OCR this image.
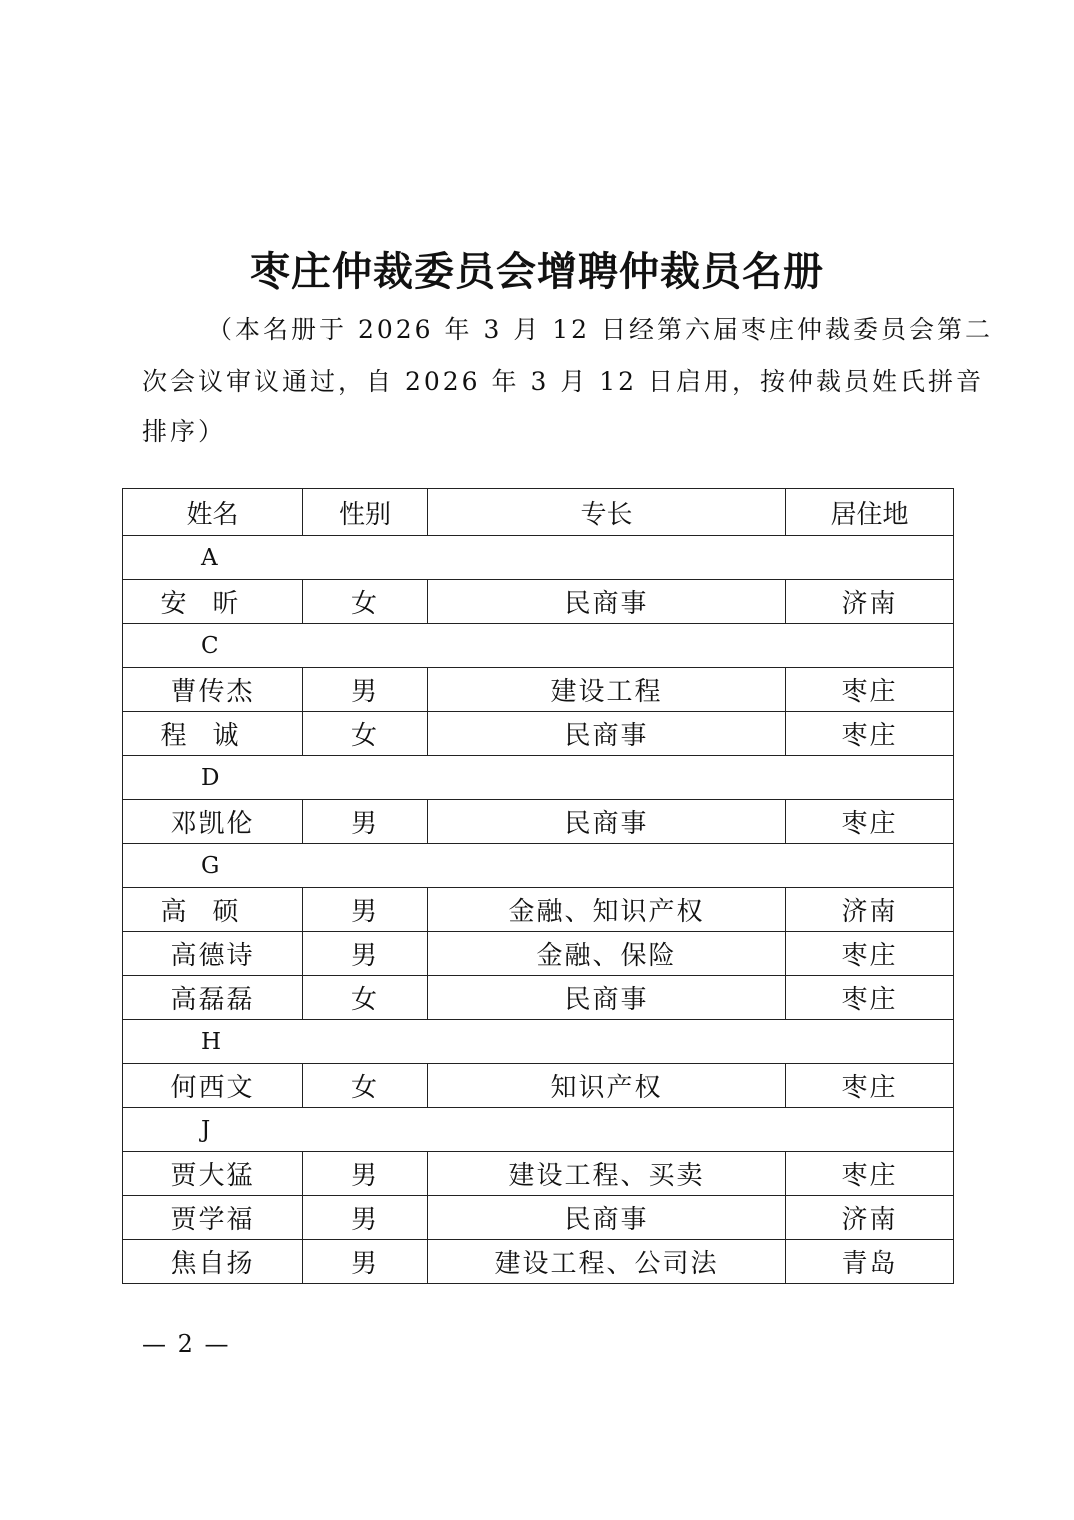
枣庄仲裁委员会增聘仲裁员名册
（本名册于 2026 年 3 月 12 日经第六届枣庄仲裁委员会第二
次会议审议通过，自 2026 年 3 月 12 日启用，按仲裁员姓氏拼音
排序）
姓名	性别	专长	居住地
A			
安昕	女	民商事	济南
C			
曹传杰	男	建设工程	枣庄
程诚	女	民商事	枣庄
D			
邓凯伦	男	民商事	枣庄
G			
高硕	男	金融、知识产权	济南
高德诗	男	金融、保险	枣庄
高磊磊	女	民商事	枣庄
H			
何西文	女	知识产权	枣庄
J			
贾大猛	男	建设工程、买卖	枣庄
贾学福	男	民商事	济南
焦自扬	男	建设工程、公司法	青岛
— 2 —
